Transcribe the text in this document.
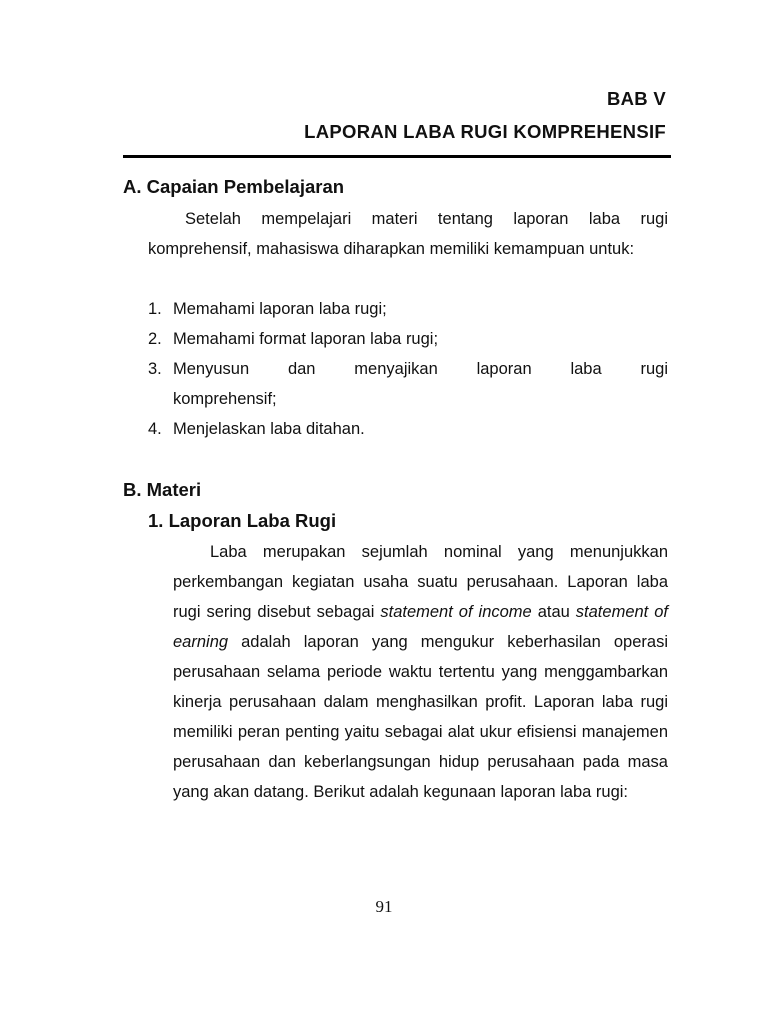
BAB V
LAPORAN LABA RUGI KOMPREHENSIF
A. Capaian Pembelajaran

Setelah mempelajari materi tentang laporan laba rugi komprehensif, mahasiswa diharapkan memiliki kemampuan untuk:

1. Memahami laporan laba rugi;
2. Memahami format laporan laba rugi;
3. Menyusun dan menyajikan laporan laba rugi
komprehensif;
4. Menjelaskan laba ditahan.
B. Materi
1. Laporan Laba Rugi

Laba merupakan sejumlah nominal yang menunjukkan perkembangan kegiatan usaha suatu perusahaan. Laporan laba rugi sering disebut sebagai statement of income atau statement of earning adalah laporan yang mengukur keberhasilan operasi perusahaan selama periode waktu tertentu yang menggambarkan kinerja perusahaan dalam menghasilkan profit. Laporan laba rugi memiliki peran penting yaitu sebagai alat ukur efisiensi manajemen perusahaan dan keberlangsungan hidup perusahaan pada masa yang akan datang. Berikut adalah kegunaan laporan laba rugi:

91
